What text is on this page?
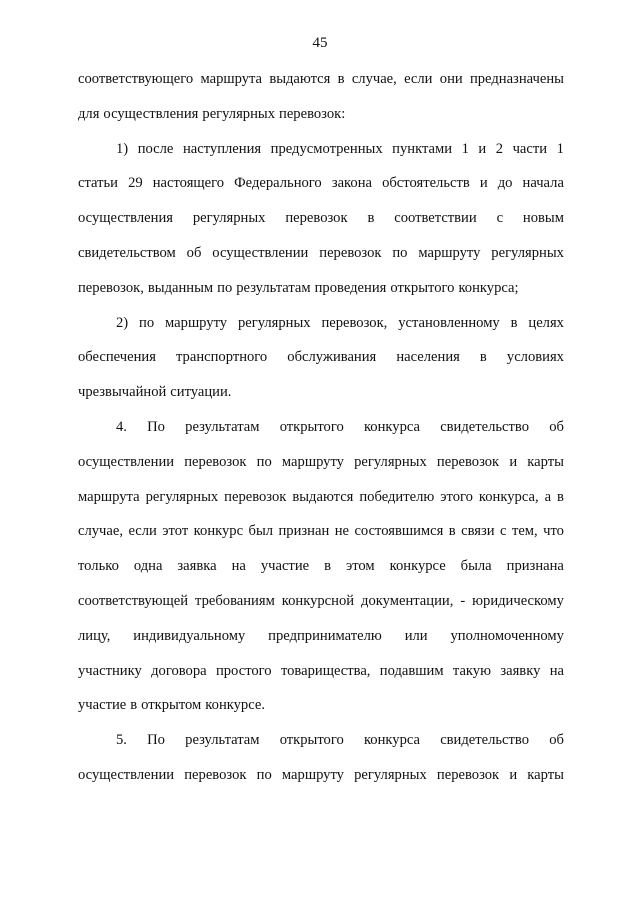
45
соответствующего маршрута выдаются в случае, если они предназначены
для осуществления регулярных перевозок:
1) после наступления предусмотренных пунктами 1 и 2 части 1
статьи 29 настоящего Федерального закона обстоятельств и до начала
осуществления регулярных перевозок в соответствии с новым
свидетельством об осуществлении перевозок по маршруту регулярных
перевозок, выданным по результатам проведения открытого конкурса;
2) по маршруту регулярных перевозок, установленному в целях
обеспечения транспортного обслуживания населения в условиях
чрезвычайной ситуации.
4. По результатам открытого конкурса свидетельство об
осуществлении перевозок по маршруту регулярных перевозок и карты
маршрута регулярных перевозок выдаются победителю этого конкурса, а в
случае, если этот конкурс был признан не состоявшимся в связи с тем, что
только одна заявка на участие в этом конкурсе была признана
соответствующей требованиям конкурсной документации, - юридическому
лицу, индивидуальному предпринимателю или уполномоченному
участнику договора простого товарищества, подавшим такую заявку на
участие в открытом конкурсе.
5. По результатам открытого конкурса свидетельство об
осуществлении перевозок по маршруту регулярных перевозок и карты
